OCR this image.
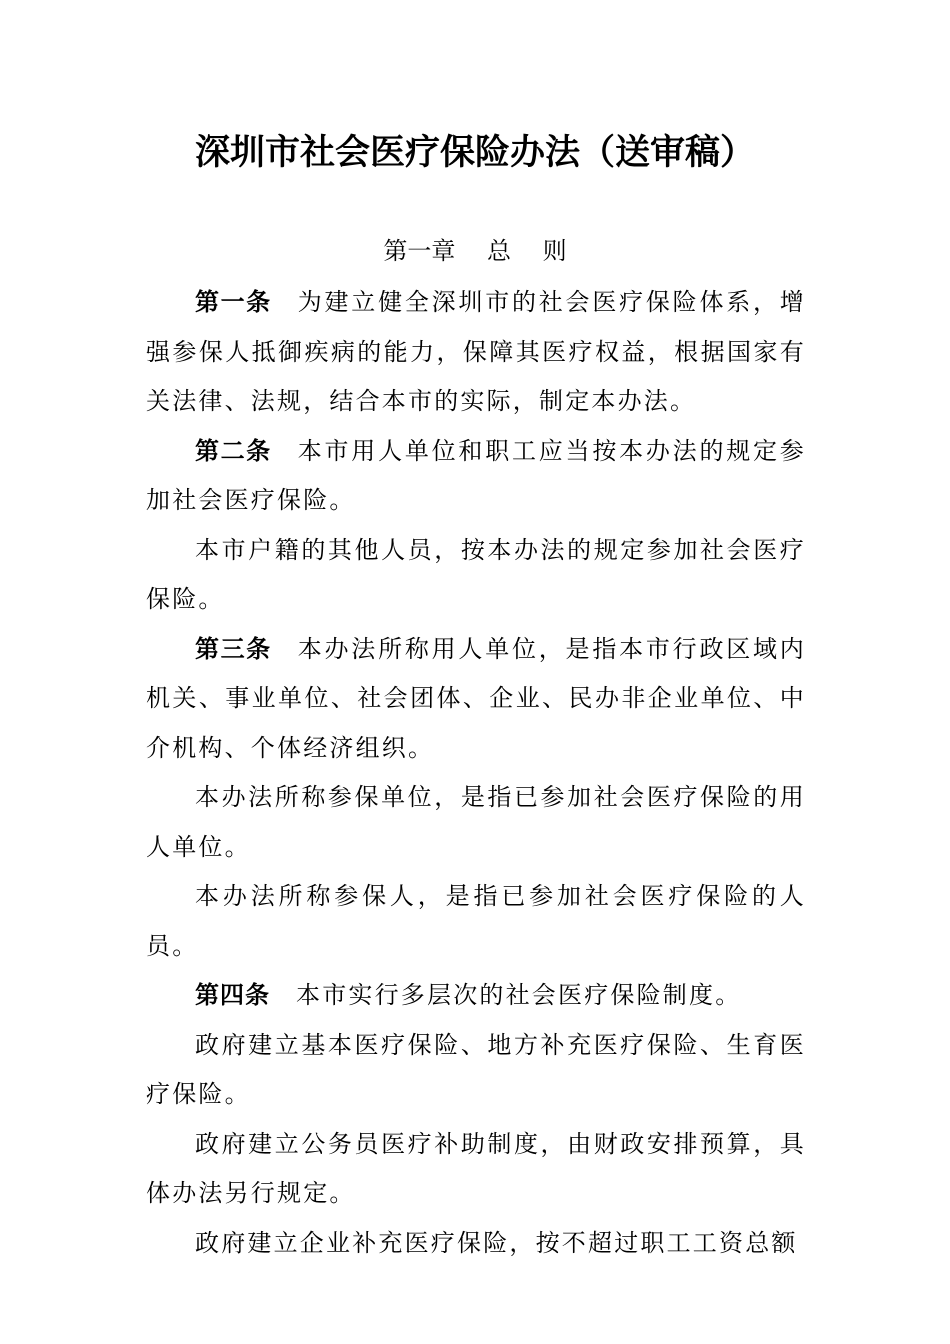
深圳市社会医疗保险办法（送审稿）
第一章　 总　 则

第一条 为建立健全深圳市的社会医疗保险体系，增强参保人抵御疾病的能力，保障其医疗权益，根据国家有关法律、法规，结合本市的实际，制定本办法。

第二条 本市用人单位和职工应当按本办法的规定参加社会医疗保险。

本市户籍的其他人员，按本办法的规定参加社会医疗保险。

第三条 本办法所称用人单位，是指本市行政区域内机关、事业单位、社会团体、企业、民办非企业单位、中介机构、个体经济组织。

本办法所称参保单位，是指已参加社会医疗保险的用人单位。

本办法所称参保人，是指已参加社会医疗保险的人员。

第四条 本市实行多层次的社会医疗保险制度。

政府建立基本医疗保险、地方补充医疗保险、生育医疗保险。

政府建立公务员医疗补助制度，由财政安排预算，具体办法另行规定。

政府建立企业补充医疗保险，按不超过职工工资总额
